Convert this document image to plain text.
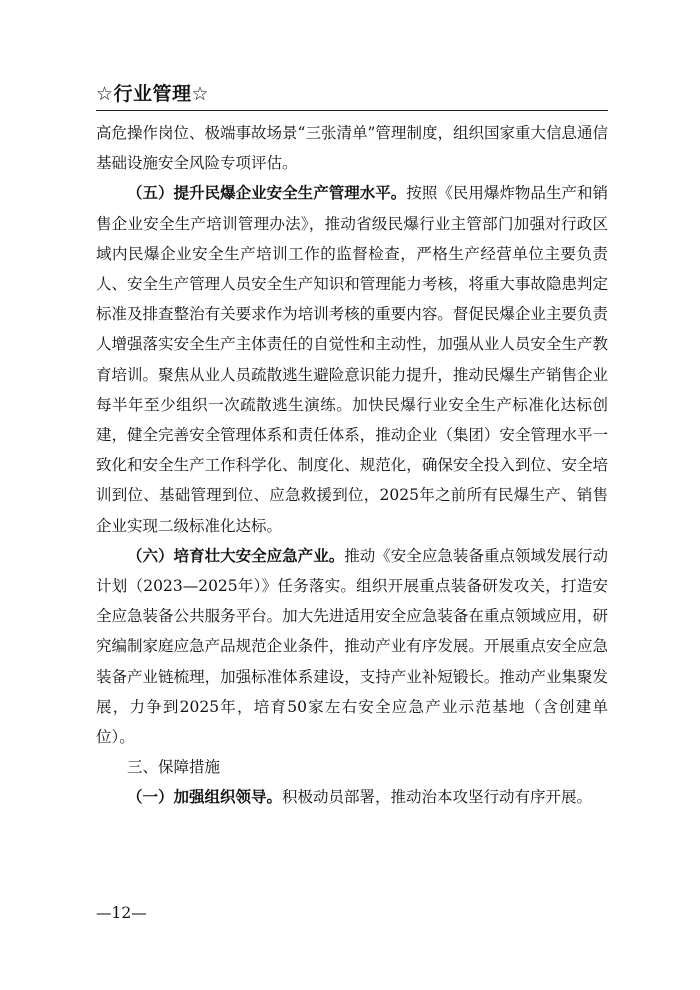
☆行业管理☆

高危操作岗位、极端事故场景“三张清单”管理制度，组织国家重大信息通信基础设施安全风险专项评估。

（五）提升民爆企业安全生产管理水平。按照《民用爆炸物品生产和销售企业安全生产培训管理办法》，推动省级民爆行业主管部门加强对行政区域内民爆企业安全生产培训工作的监督检查，严格生产经营单位主要负责人、安全生产管理人员安全生产知识和管理能力考核，将重大事故隐患判定标准及排查整治有关要求作为培训考核的重要内容。督促民爆企业主要负责人增强落实安全生产主体责任的自觉性和主动性，加强从业人员安全生产教育培训。聚焦从业人员疏散逃生避险意识能力提升，推动民爆生产销售企业每半年至少组织一次疏散逃生演练。加快民爆行业安全生产标准化达标创建，健全完善安全管理体系和责任体系，推动企业（集团）安全管理水平一致化和安全生产工作科学化、制度化、规范化，确保安全投入到位、安全培训到位、基础管理到位、应急救援到位，2025年之前所有民爆生产、销售企业实现二级标准化达标。

（六）培育壮大安全应急产业。推动《安全应急装备重点领域发展行动计划（2023—2025年）》任务落实。组织开展重点装备研发攻关，打造安全应急装备公共服务平台。加大先进适用安全应急装备在重点领域应用，研究编制家庭应急产品规范企业条件，推动产业有序发展。开展重点安全应急装备产业链梳理，加强标准体系建设，支持产业补短锻长。推动产业集聚发展，力争到2025年，培育50家左右安全应急产业示范基地（含创建单位）。

三、保障措施

（一）加强组织领导。积极动员部署，推动治本攻坚行动有序开展。

—12—
